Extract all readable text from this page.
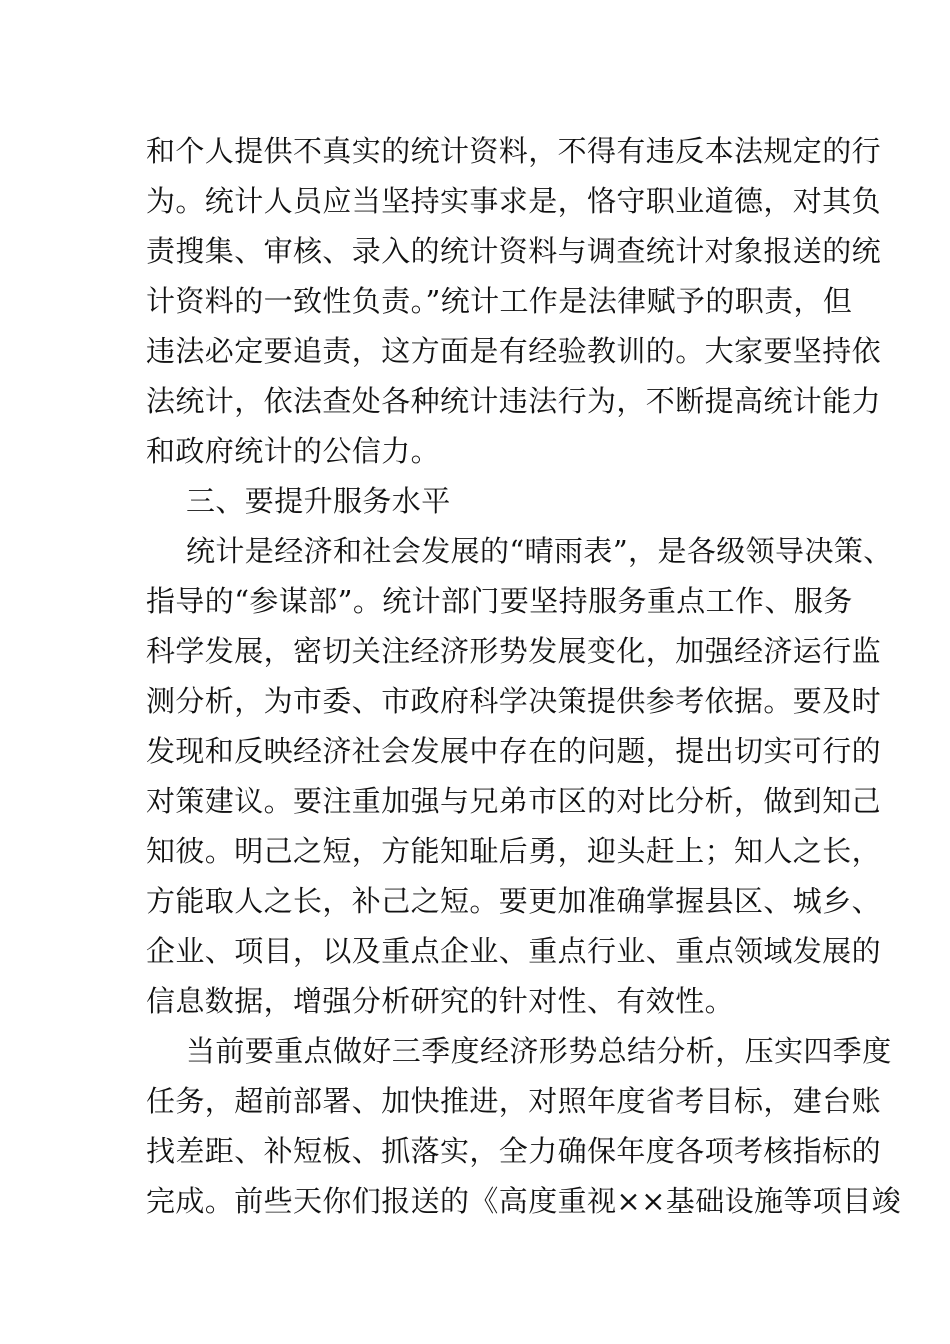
和个人提供不真实的统计资料，不得有违反本法规定的行
为。统计人员应当坚持实事求是，恪守职业道德，对其负
责搜集、审核、录入的统计资料与调查统计对象报送的统
计资料的一致性负责。”统计工作是法律赋予的职责，但
违法必定要追责，这方面是有经验教训的。大家要坚持依
法统计，依法查处各种统计违法行为，不断提高统计能力
和政府统计的公信力。
三、要提升服务水平
统计是经济和社会发展的“晴雨表”，是各级领导决策、
指导的“参谋部”。统计部门要坚持服务重点工作、服务
科学发展，密切关注经济形势发展变化，加强经济运行监
测分析，为市委、市政府科学决策提供参考依据。要及时
发现和反映经济社会发展中存在的问题，提出切实可行的
对策建议。要注重加强与兄弟市区的对比分析，做到知己
知彼。明己之短，方能知耻后勇，迎头赶上；知人之长，
方能取人之长，补己之短。要更加准确掌握县区、城乡、
企业、项目，以及重点企业、重点行业、重点领域发展的
信息数据，增强分析研究的针对性、有效性。
当前要重点做好三季度经济形势总结分析，压实四季度
任务，超前部署、加快推进，对照年度省考目标，建台账
找差距、补短板、抓落实，全力确保年度各项考核指标的
完成。前些天你们报送的《高度重视××基础设施等项目竣
